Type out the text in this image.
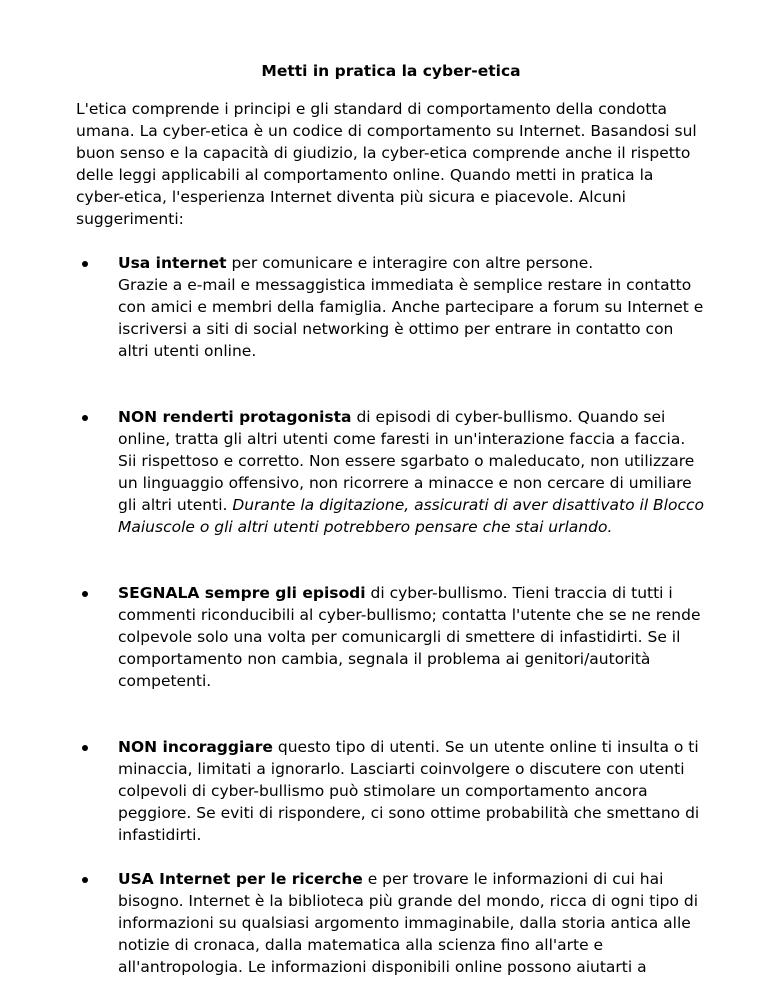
Metti in pratica la cyber-etica

L'etica comprende i principi e gli standard di comportamento della condotta umana. La cyber-etica è un codice di comportamento su Internet. Basandosi sul buon senso e la capacità di giudizio, la cyber-etica comprende anche il rispetto delle leggi applicabili al comportamento online. Quando metti in pratica la cyber-etica, l'esperienza Internet diventa più sicura e piacevole. Alcuni suggerimenti:

Usa internet per comunicare e interagire con altre persone.
Grazie a e-mail e messaggistica immediata è semplice restare in contatto con amici e membri della famiglia. Anche partecipare a forum su Internet e iscriversi a siti di social networking è ottimo per entrare in contatto con altri utenti online.
NON renderti protagonista di episodi di cyber-bullismo. Quando sei online, tratta gli altri utenti come faresti in un'interazione faccia a faccia. Sii rispettoso e corretto. Non essere sgarbato o maleducato, non utilizzare un linguaggio offensivo, non ricorrere a minacce e non cercare di umiliare gli altri utenti. Durante la digitazione, assicurati di aver disattivato il Blocco Maiuscole o gli altri utenti potrebbero pensare che stai urlando.
SEGNALA sempre gli episodi di cyber-bullismo. Tieni traccia di tutti i commenti riconducibili al cyber-bullismo; contatta l'utente che se ne rende colpevole solo una volta per comunicargli di smettere di infastidirti. Se il comportamento non cambia, segnala il problema ai genitori/autorità competenti.
NON incoraggiare questo tipo di utenti. Se un utente online ti insulta o ti minaccia, limitati a ignorarlo. Lasciarti coinvolgere o discutere con utenti colpevoli di cyber-bullismo può stimolare un comportamento ancora peggiore. Se eviti di rispondere, ci sono ottime probabilità che smettano di infastidirti.
USA Internet per le ricerche e per trovare le informazioni di cui hai bisogno. Internet è la biblioteca più grande del mondo, ricca di ogni tipo di informazioni su qualsiasi argomento immaginabile, dalla storia antica alle notizie di cronaca, dalla matematica alla scienza fino all'arte e all'antropologia. Le informazioni disponibili online possono aiutarti a
